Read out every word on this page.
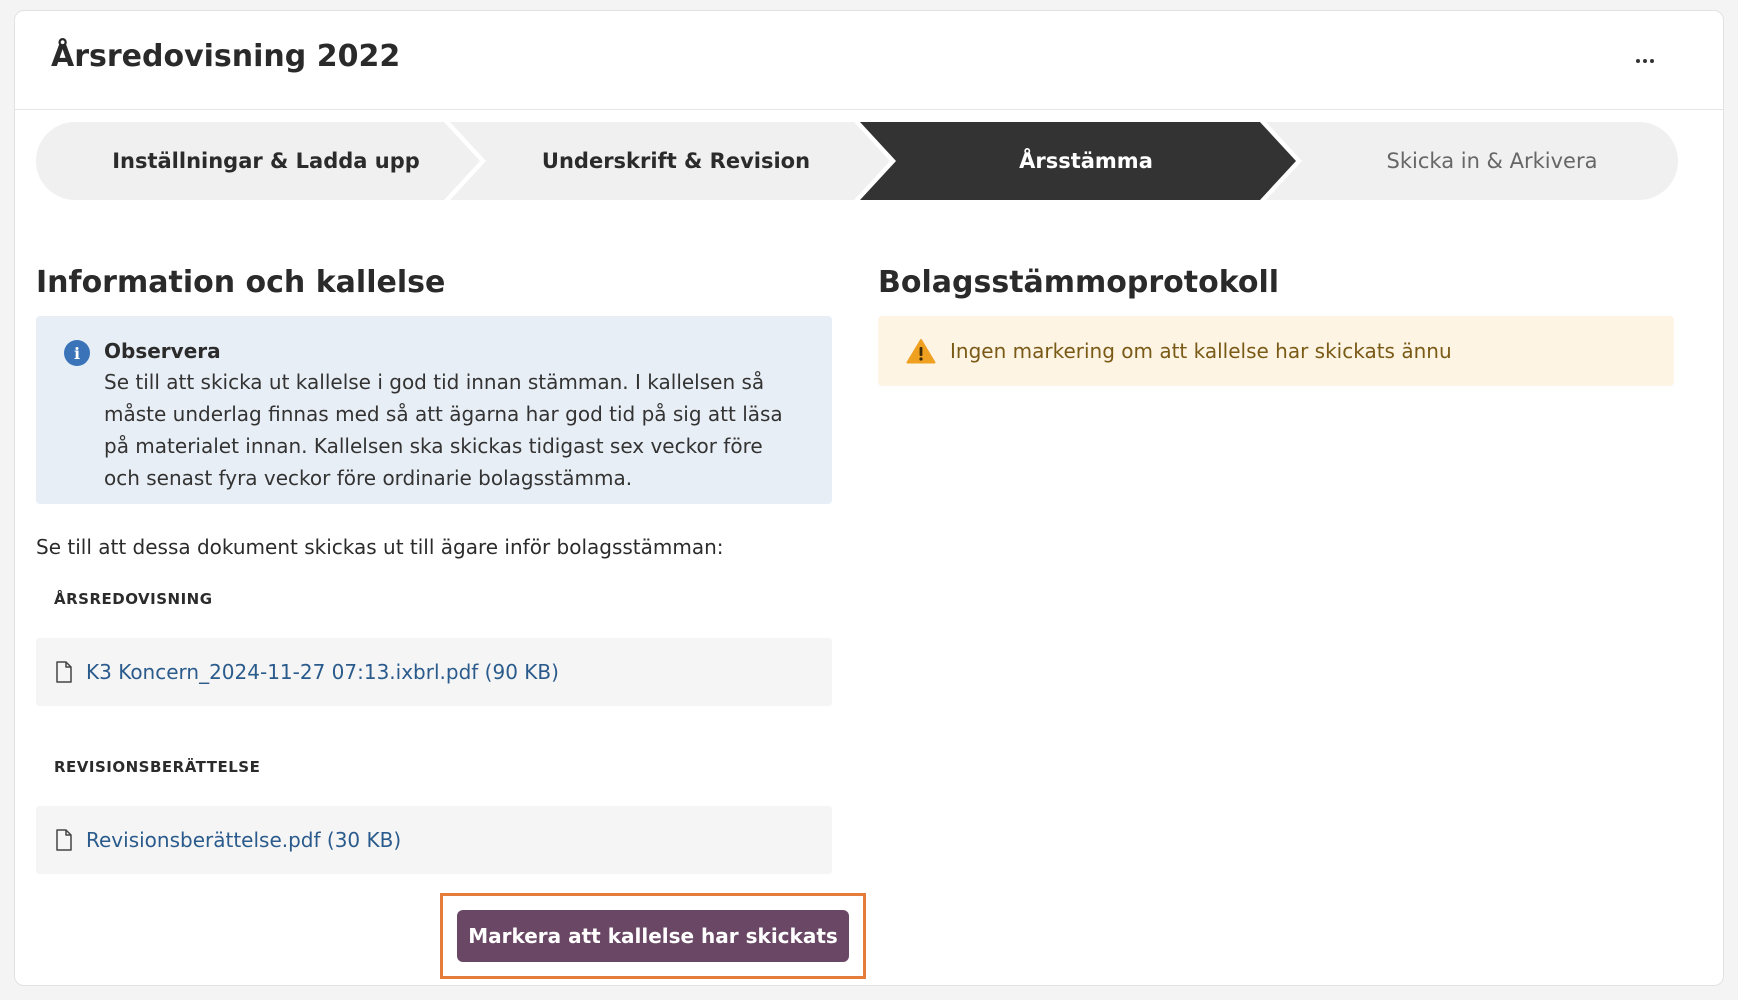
Årsredovisning 2022
Inställningar & Ladda upp	Underskrift & Revision	Årsstämma	Skicka in & Arkivera
Information och kallelse
i	Observera
Se till att skicka ut kallelse i god tid innan stämman. I kallelsen så måste underlag finnas med så att ägarna har god tid på sig att läsa på materialet innan. Kallelsen ska skickas tidigast sex veckor före och senast fyra veckor före ordinarie bolagsstämma.
Se till att dessa dokument skickas ut till ägare inför bolagsstämman:
ÅRSREDOVISNING
K3 Koncern_2024-11-27 07:13.ixbrl.pdf (90 KB)
REVISIONSBERÄTTELSE
Revisionsberättelse.pdf (30 KB)
Markera att kallelse har skickats
Bolagsstämmoprotokoll
Ingen markering om att kallelse har skickats ännu
